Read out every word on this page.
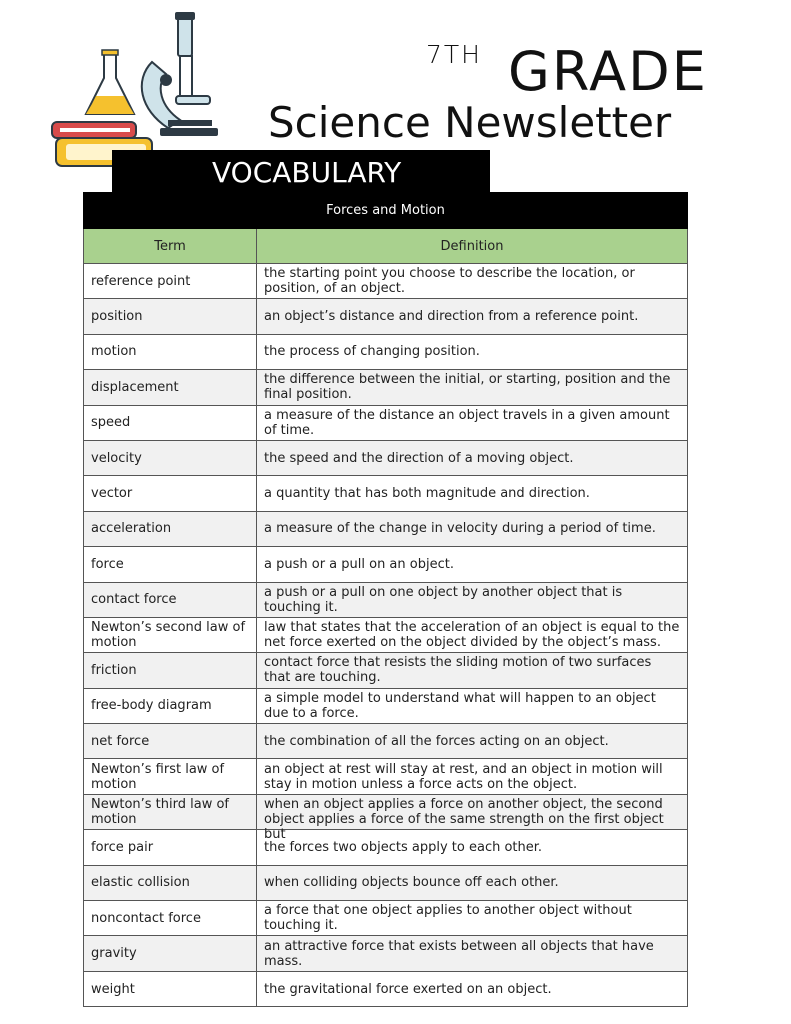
7TH GRADE
Science Newsletter
VOCABULARY
Forces and Motion	
Term	Definition

reference point	the starting point you choose to describe the location, or position, of an object.

position	an object’s distance and direction from a reference point.

motion	the process of changing position.

displacement	the difference between the initial, or starting, position and the final position.

speed	a measure of the distance an object travels in a given amount of time.

velocity	the speed and the direction of a moving object.

vector	a quantity that has both magnitude and direction.

acceleration	a measure of the change in velocity during a period of time.

force	a push or a pull on an object.

contact force	a push or a pull on one object by another object that is touching it.

Newton’s second law of motion	law that states that the acceleration of an object is equal to the net force exerted on the object divided by the object’s mass.

friction	contact force that resists the sliding motion of two surfaces that are touching.

free-body diagram	a simple model to understand what will happen to an object due to a force.

net force	the combination of all the forces acting on an object.

Newton’s first law of motion	an object at rest will stay at rest, and an object in motion will stay in motion unless a force acts on the object.

Newton’s third law of motion	when an object applies a force on another object, the second object applies a force of the same strength on the first object but

force pair	the forces two objects apply to each other.

elastic collision	when colliding objects bounce off each other.

noncontact force	a force that one object applies to another object without touching it.

gravity	an attractive force that exists between all objects that have mass.

weight	the gravitational force exerted on an object.
